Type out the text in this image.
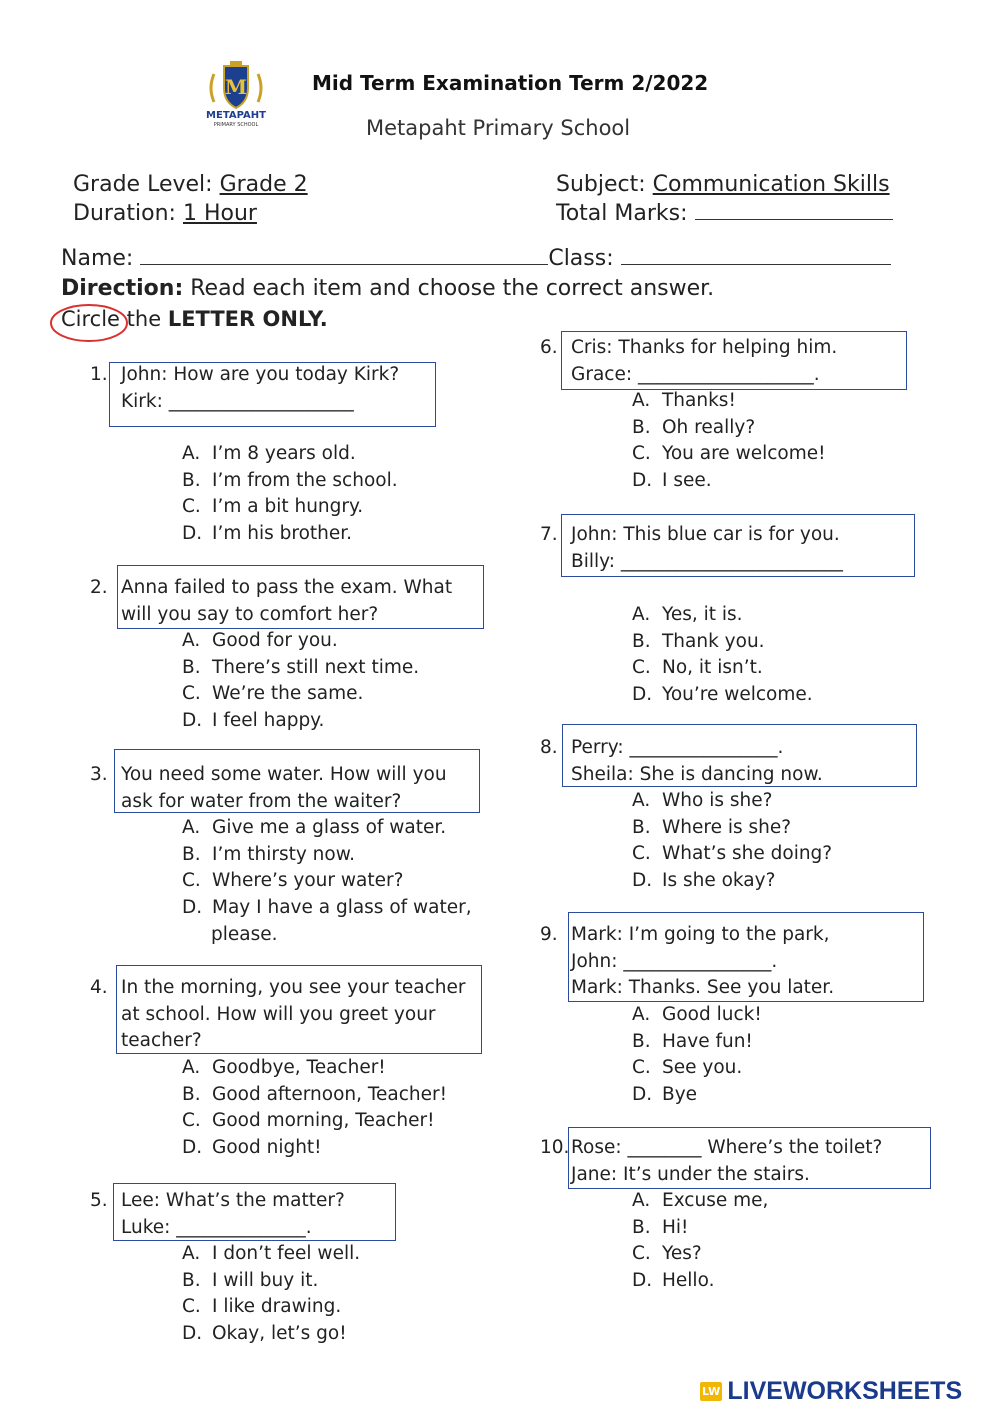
M
METAPAHT
PRIMARY SCHOOL
Mid Term Examination Term 2/2022
Metapaht Primary School
Grade Level: Grade 2
Duration: 1 Hour
Subject: Communication Skills
Total Marks:
Name:	Class:
Direction: Read each item and choose the correct answer.
Circle the LETTER ONLY.
1. John: How are you today Kirk?
Kirk: ____________________
A. I’m 8 years old.
B. I’m from the school.
C. I’m a bit hungry.
D. I’m his brother.
2. Anna failed to pass the exam. What
will you say to comfort her?
A. Good for you.
B. There’s still next time.
C. We’re the same.
D. I feel happy.
3. You need some water. How will you
ask for water from the waiter?
A. Give me a glass of water.
B. I’m thirsty now.
C. Where’s your water?
D. May I have a glass of water,
please.
4. In the morning, you see your teacher
at school. How will you greet your
teacher?
A. Goodbye, Teacher!
B. Good afternoon, Teacher!
C. Good morning, Teacher!
D. Good night!
5. Lee: What’s the matter?
Luke: ______________.
A. I don’t feel well.
B. I will buy it.
C. I like drawing.
D. Okay, let’s go!
6. Cris: Thanks for helping him.
Grace: ___________________.
A. Thanks!
B. Oh really?
C. You are welcome!
D. I see.
7. John: This blue car is for you.
Billy: ________________________
A. Yes, it is.
B. Thank you.
C. No, it isn’t.
D. You’re welcome.
8. Perry: ________________.
Sheila: She is dancing now.
A. Who is she?
B. Where is she?
C. What’s she doing?
D. Is she okay?
9. Mark: I’m going to the park,
John: ________________.
Mark: Thanks. See you later.
A. Good luck!
B. Have fun!
C. See you.
D. Bye
10. Rose: ________ Where’s the toilet?
Jane: It’s under the stairs.
A. Excuse me,
B. Hi!
C. Yes?
D. Hello.
LW LIVEWORKSHEETS
